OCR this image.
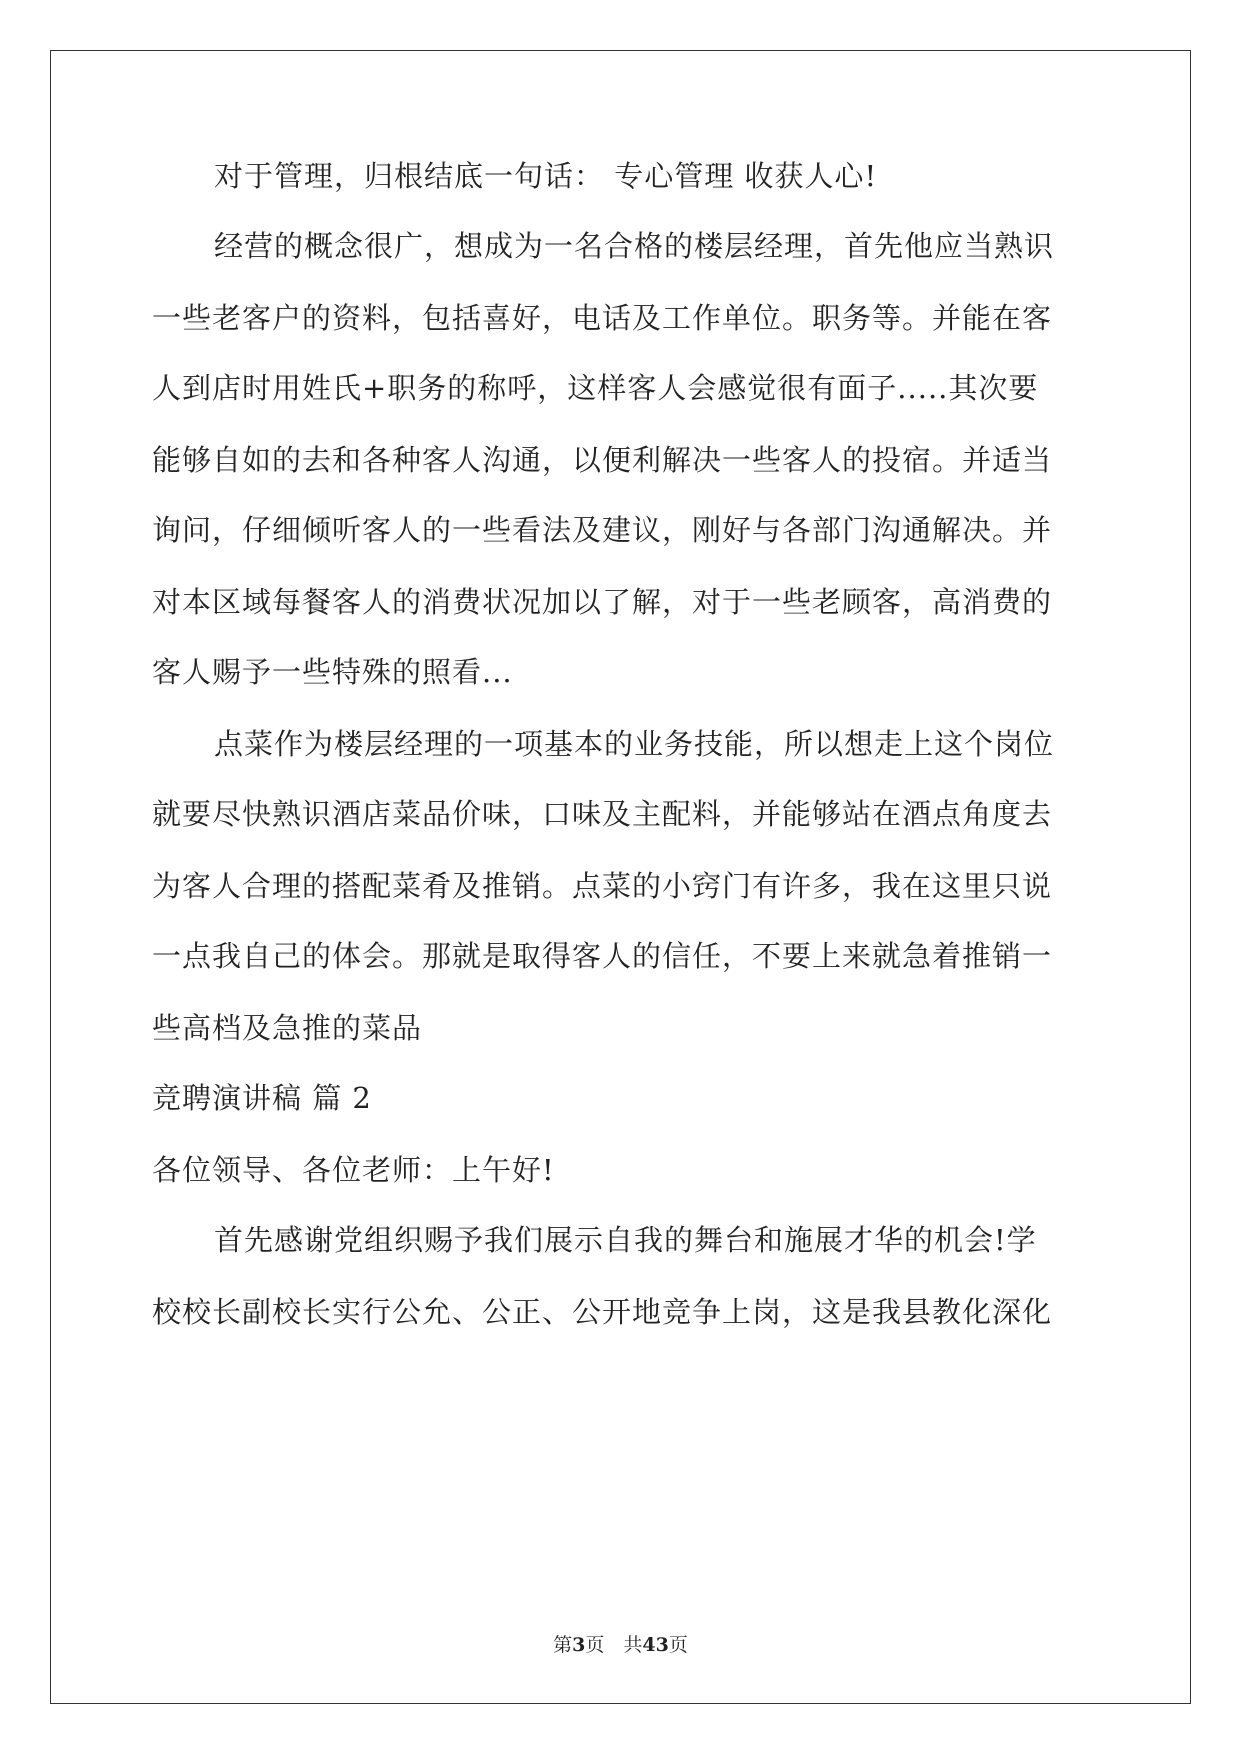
对于管理，归根结底一句话： 专心管理 收获人心!
经营的概念很广，想成为一名合格的楼层经理，首先他应当熟识
一些老客户的资料，包括喜好，电话及工作单位。职务等。并能在客
人到店时用姓氏+职务的称呼，这样客人会感觉很有面子.....其次要
能够自如的去和各种客人沟通，以便利解决一些客人的投宿。并适当
询问，仔细倾听客人的一些看法及建议，刚好与各部门沟通解决。并
对本区域每餐客人的消费状况加以了解，对于一些老顾客，高消费的
客人赐予一些特殊的照看...
点菜作为楼层经理的一项基本的业务技能，所以想走上这个岗位
就要尽快熟识酒店菜品价味，口味及主配料，并能够站在酒点角度去
为客人合理的搭配菜肴及推销。点菜的小窍门有许多，我在这里只说
一点我自己的体会。那就是取得客人的信任，不要上来就急着推销一
些高档及急推的菜品
竞聘演讲稿 篇 2
各位领导、各位老师：上午好!
首先感谢党组织赐予我们展示自我的舞台和施展才华的机会!学
校校长副校长实行公允、公正、公开地竞争上岗，这是我县教化深化
第3页　共43页
